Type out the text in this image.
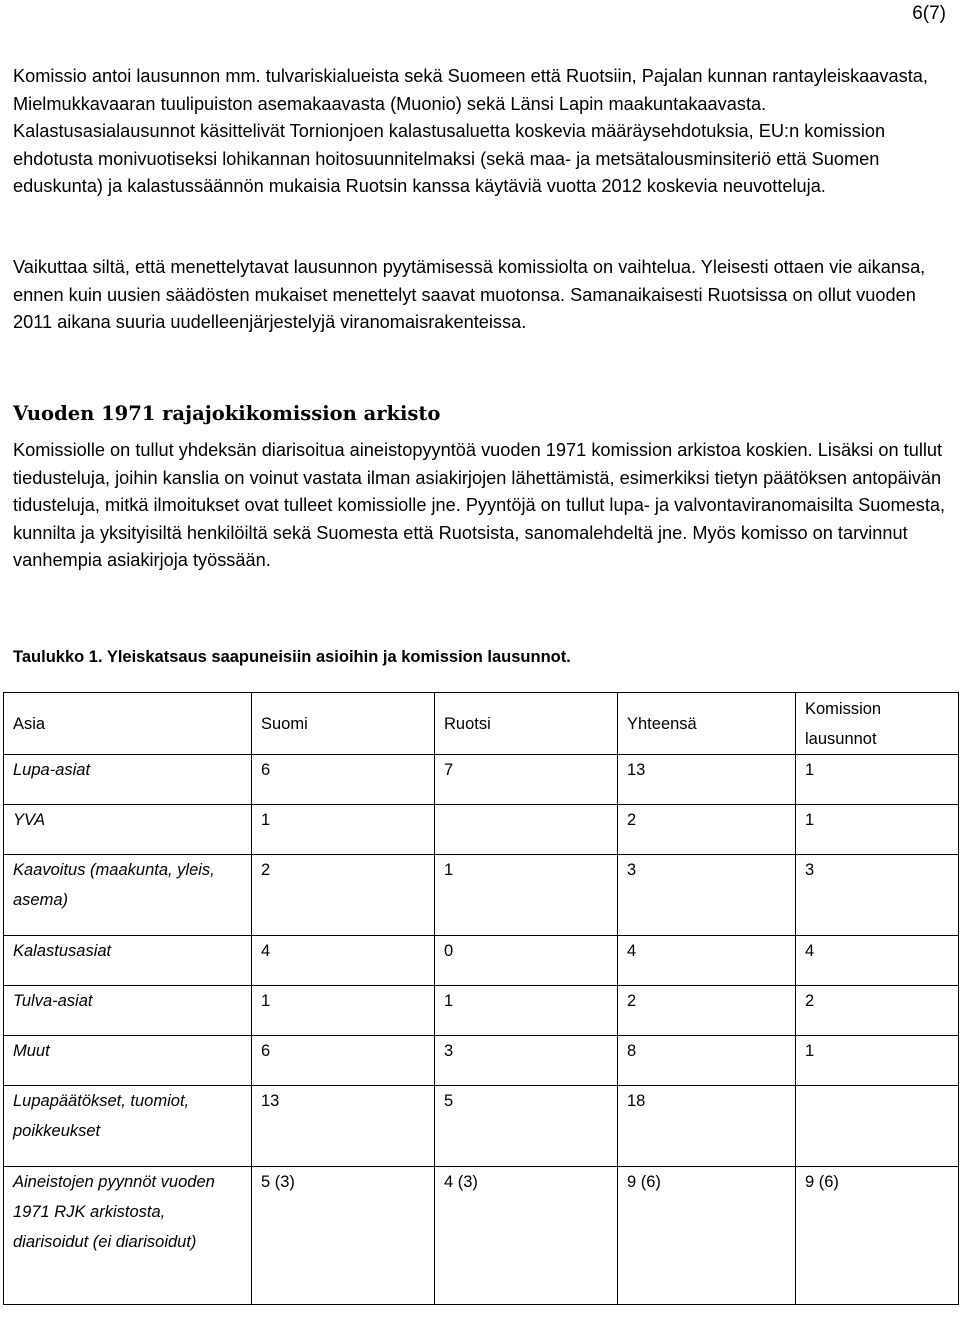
6(7)

Komissio antoi lausunnon mm. tulvariskialueista sekä Suomeen että Ruotsiin, Pajalan kunnan rantayleiskaavasta, Mielmukkavaaran tuulipuiston asemakaavasta (Muonio) sekä Länsi Lapin maakuntakaavasta. Kalastusasialausunnot käsittelivät Tornionjoen kalastusaluetta koskevia määräysehdotuksia, EU:n komission ehdotusta monivuotiseksi lohikannan hoitosuunnitelmaksi (sekä maa- ja metsätalousminsiteriö että Suomen eduskunta) ja kalastussäännön mukaisia Ruotsin kanssa käytäviä vuotta 2012 koskevia neuvotteluja.

Vaikuttaa siltä, että menettelytavat lausunnon pyytämisessä komissiolta on vaihtelua. Yleisesti ottaen vie aikansa, ennen kuin uusien säädösten mukaiset menettelyt saavat muotonsa. Samanaikaisesti Ruotsissa on ollut vuoden 2011 aikana suuria uudelleenjärjestelyjä viranomaisrakenteissa.

Vuoden 1971 rajajokikomission arkisto

Komissiolle on tullut yhdeksän diarisoitua aineistopyyntöä vuoden 1971 komission arkistoa koskien. Lisäksi on tullut tiedusteluja, joihin kanslia on voinut vastata ilman asiakirjojen lähettämistä, esimerkiksi tietyn päätöksen antopäivän tidusteluja, mitkä ilmoitukset ovat tulleet komissiolle jne. Pyyntöjä on tullut lupa- ja valvontaviranomaisilta Suomesta, kunnilta ja yksityisiltä henkilöiltä sekä Suomesta että Ruotsista, sanomalehdeltä jne. Myös komisso on tarvinnut vanhempia asiakirjoja työssään.

Taulukko 1. Yleiskatsaus saapuneisiin asioihin ja komission lausunnot.

Asia	Suomi	Ruotsi	Yhteensä	Komission lausunnot
Lupa-asiat	6	7	13	1
YVA	1		2	1
Kaavoitus (maakunta, yleis, asema)	2	1	3	3
Kalastusasiat	4	0	4	4
Tulva-asiat	1	1	2	2
Muut	6	3	8	1
Lupapäätökset, tuomiot, poikkeukset	13	5	18	
Aineistojen pyynnöt vuoden 1971 RJK arkistosta, diarisoidut (ei diarisoidut)	5 (3)	4 (3)	9 (6)	9 (6)
